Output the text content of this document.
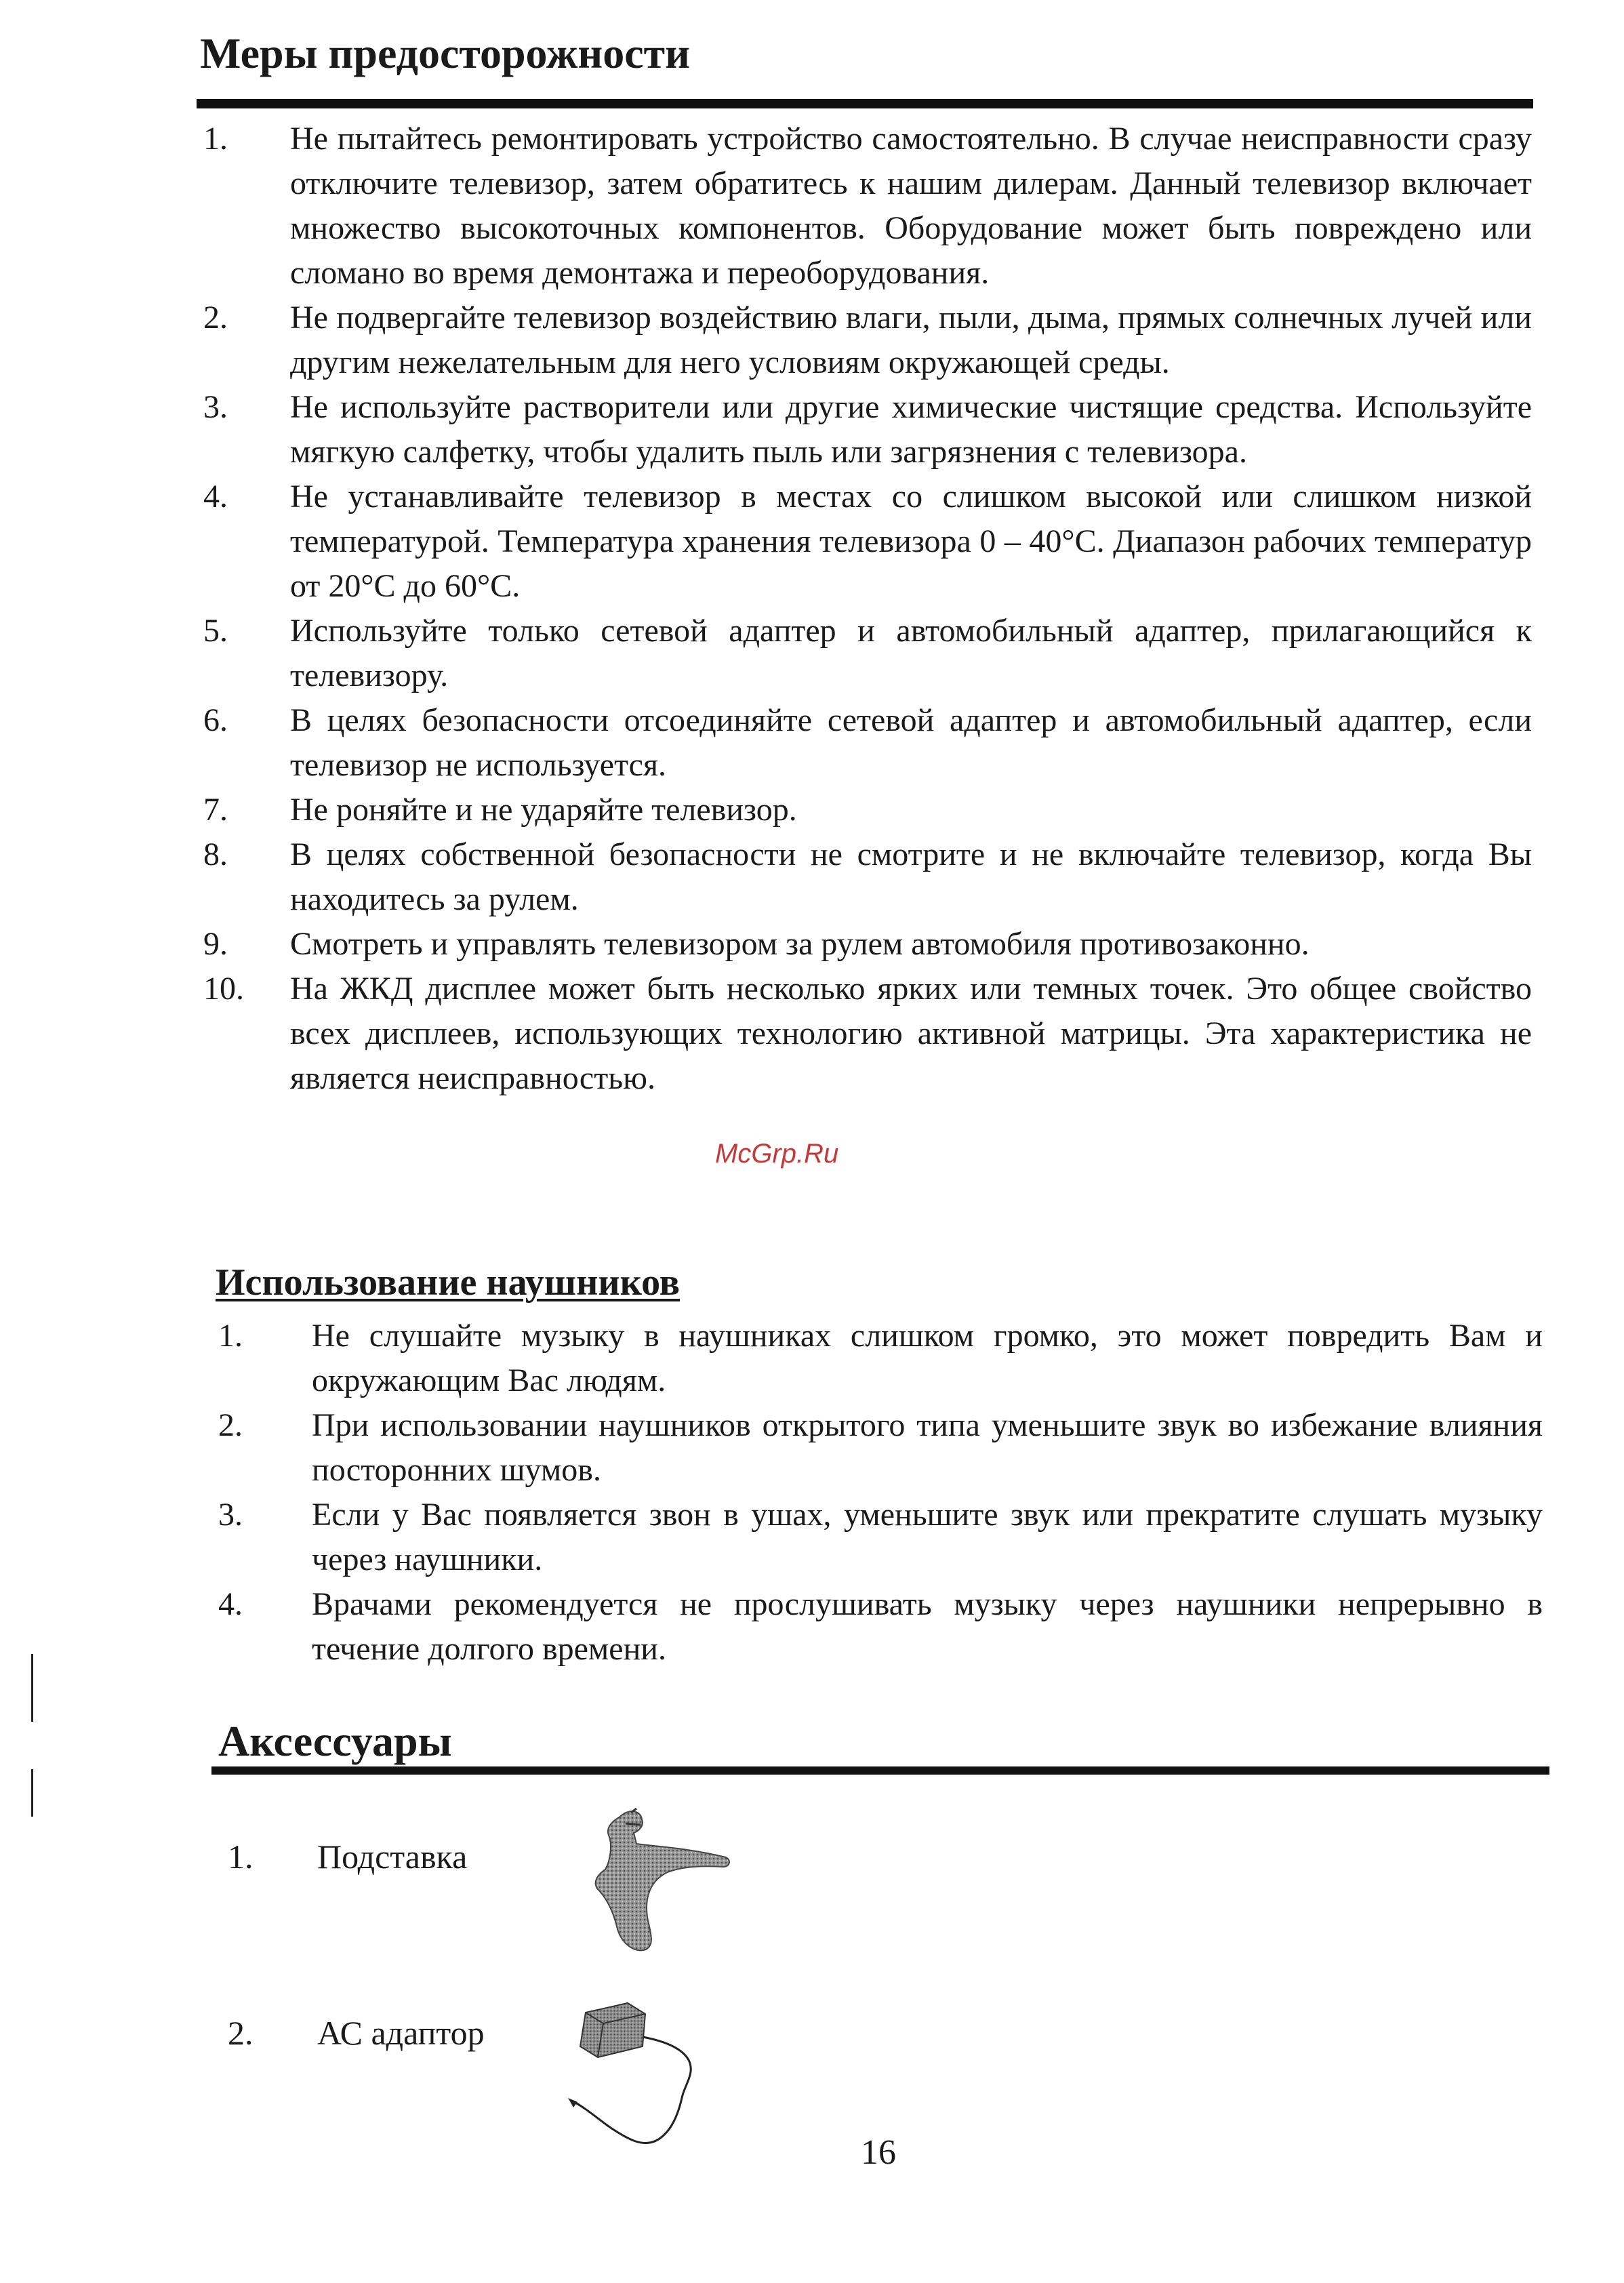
Меры предосторожности
1. Не пытайтесь ремонтировать устройство самостоятельно. В случае неисправности сразу отключите телевизор, затем обратитесь к нашим дилерам. Данный телевизор включает множество высокоточных компонентов. Оборудование может быть повреждено или сломано во время демонтажа и переоборудования.
2. Не подвергайте телевизор воздействию влаги, пыли, дыма, прямых солнечных лучей или другим нежелательным для него условиям окружающей среды.
3. Не используйте растворители или другие химические чистящие средства. Используйте мягкую салфетку, чтобы удалить пыль или загрязнения с телевизора.
4. Не устанавливайте телевизор в местах со слишком высокой или слишком низкой температурой. Температура хранения телевизора 0 – 40°С. Диапазон рабочих температур от 20°С до 60°С.
5. Используйте только сетевой адаптер и автомобильный адаптер, прилагающийся к телевизору.
6. В целях безопасности отсоединяйте сетевой адаптер и автомобильный адаптер, если телевизор не используется.
7. Не роняйте и не ударяйте телевизор.
8. В целях собственной безопасности не смотрите и не включайте телевизор, когда Вы находитесь за рулем.
9. Смотреть и управлять телевизором за рулем автомобиля противозаконно.
10. На ЖКД дисплее может быть несколько ярких или темных точек. Это общее свойство всех дисплеев, использующих технологию активной матрицы. Эта характеристика не является неисправностью.
McGrp.Ru
Использование наушников
1. Не слушайте музыку в наушниках слишком громко, это может повредить Вам и окружающим Вас людям.
2. При использовании наушников открытого типа уменьшите звук во избежание влияния посторонних шумов.
3. Если у Вас появляется звон в ушах, уменьшите звук или прекратите слушать музыку через наушники.
4. Врачами рекомендуется не прослушивать музыку через наушники непрерывно в течение долгого времени.
Аксессуары
1. Подставка
2. АС адаптор
16
